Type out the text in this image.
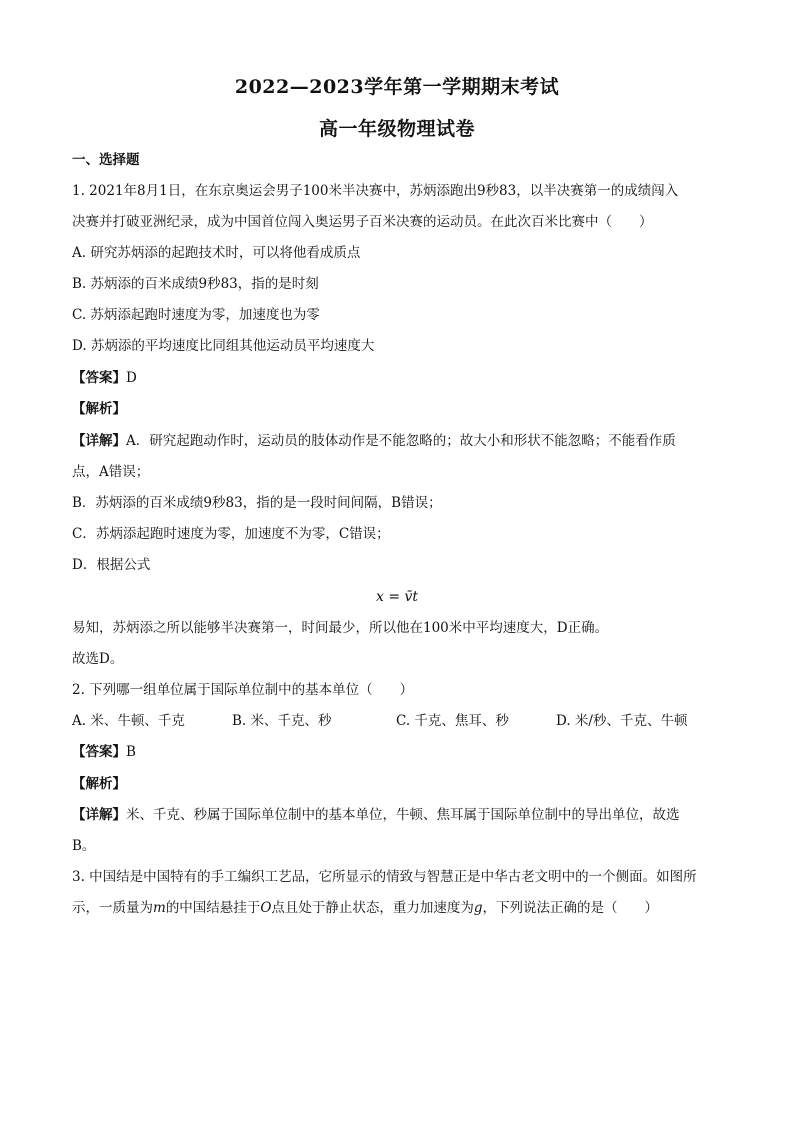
2022—2023学年第一学期期末考试
高一年级物理试卷
一、选择题
1. 2021年8月1日，在东京奥运会男子100米半决赛中，苏炳添跑出9秒83，以半决赛第一的成绩闯入
决赛并打破亚洲纪录，成为中国首位闯入奥运男子百米决赛的运动员。在此次百米比赛中（　　）
A. 研究苏炳添的起跑技术时，可以将他看成质点
B. 苏炳添的百米成绩9秒83，指的是时刻
C. 苏炳添起跑时速度为零，加速度也为零
D. 苏炳添的平均速度比同组其他运动员平均速度大
【答案】D
【解析】
【详解】A．研究起跑动作时，运动员的肢体动作是不能忽略的；故大小和形状不能忽略；不能看作质
点，A错误；
B．苏炳添的百米成绩9秒83，指的是一段时间间隔，B错误；
C．苏炳添起跑时速度为零，加速度不为零，C错误；
D．根据公式
x = v̄t
易知，苏炳添之所以能够半决赛第一，时间最少，所以他在100米中平均速度大，D正确。
故选D。
2. 下列哪一组单位属于国际单位制中的基本单位（　　）
A. 米、牛顿、千克	B. 米、千克、秒	C. 千克、焦耳、秒	D. 米/秒、千克、牛顿
【答案】B
【解析】
【详解】米、千克、秒属于国际单位制中的基本单位，牛顿、焦耳属于国际单位制中的导出单位，故选
B。
3. 中国结是中国特有的手工编织工艺品，它所显示的情致与智慧正是中华古老文明中的一个侧面。如图所
示，一质量为m的中国结悬挂于O点且处于静止状态，重力加速度为g，下列说法正确的是（　　）
